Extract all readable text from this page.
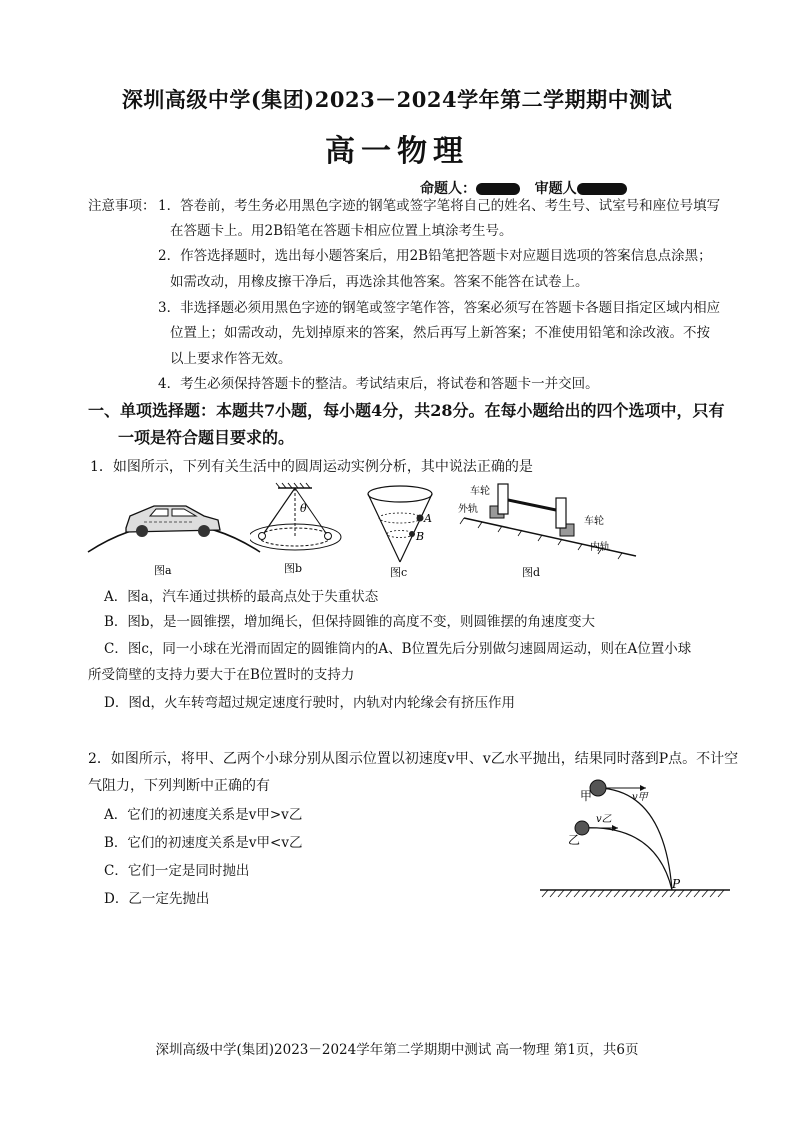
深圳高级中学(集团)2023－2024学年第二学期期中测试
高一物理
命题人：	审题人
注意事项： 1．答卷前，考生务必用黑色字迹的钢笔或签字笔将自己的姓名、考生号、试室号和座位号填写
在答题卡上。用2B铅笔在答题卡相应位置上填涂考生号。
2．作答选择题时，选出每小题答案后，用2B铅笔把答题卡对应题目选项的答案信息点涂黑；
如需改动，用橡皮擦干净后，再选涂其他答案。答案不能答在试卷上。
3．非选择题必须用黑色字迹的钢笔或签字笔作答，答案必须写在答题卡各题目指定区域内相应
位置上；如需改动，先划掉原来的答案，然后再写上新答案；不准使用铅笔和涂改液。不按
以上要求作答无效。
4．考生必须保持答题卡的整洁。考试结束后，将试卷和答题卡一并交回。
一、单项选择题：本题共7小题，每小题4分，共28分。在每小题给出的四个选项中，只有
一项是符合题目要求的。
1．如图所示，下列有关生活中的圆周运动实例分析，其中说法正确的是
图a
θ
图b
A
B
图c
车轮
外轨
车轮
内轨
图d
A．图a，汽车通过拱桥的最高点处于失重状态
B．图b，是一圆锥摆，增加绳长，但保持圆锥的高度不变，则圆锥摆的角速度变大
C．图c，同一小球在光滑而固定的圆锥筒内的A、B位置先后分别做匀速圆周运动，则在A位置小球
所受筒壁的支持力要大于在B位置时的支持力
D．图d，火车转弯超过规定速度行驶时，内轨对内轮缘会有挤压作用
2．如图所示，将甲、乙两个小球分别从图示位置以初速度v甲、v乙水平抛出，结果同时落到P点。不计空
气阻力，下列判断中正确的有
A．它们的初速度关系是v甲>v乙
B．它们的初速度关系是v甲<v乙
C．它们一定是同时抛出
D．乙一定先抛出
甲
乙
v甲
v乙
P
深圳高级中学(集团)2023－2024学年第二学期期中测试 高一物理 第1页，共6页
